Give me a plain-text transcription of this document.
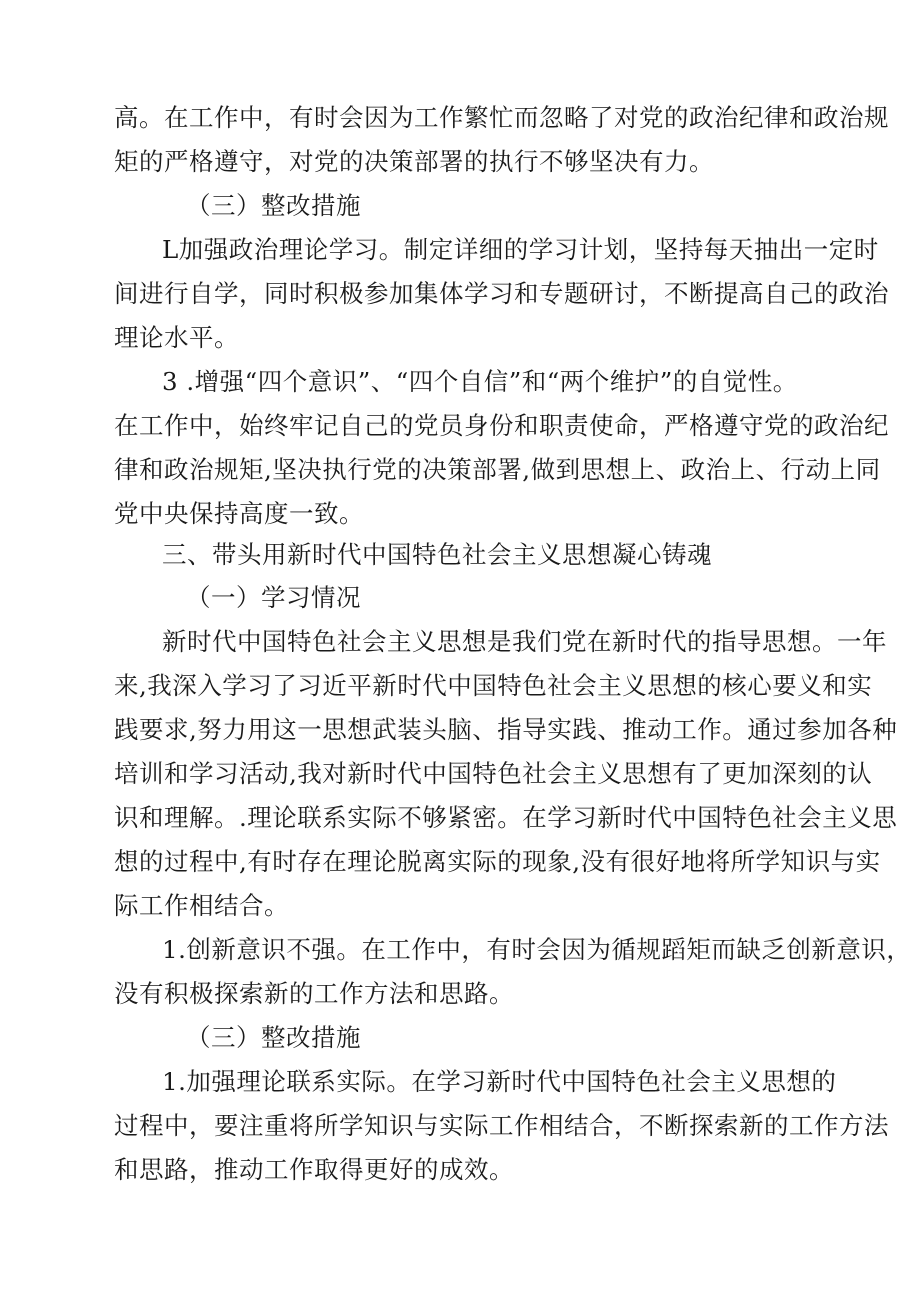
高。在工作中，有时会因为工作繁忙而忽略了对党的政治纪律和政治规
矩的严格遵守，对党的决策部署的执行不够坚决有力。
（三）整改措施
L加强政治理论学习。制定详细的学习计划，坚持每天抽出一定时
间进行自学，同时积极参加集体学习和专题研讨，不断提高自己的政治
理论水平。
3 .增强“四个意识”、“四个自信”和“两个维护”的自觉性。
在工作中，始终牢记自己的党员身份和职责使命，严格遵守党的政治纪
律和政治规矩,坚决执行党的决策部署,做到思想上、政治上、行动上同
党中央保持高度一致。
三、带头用新时代中国特色社会主义思想凝心铸魂
（一）学习情况
新时代中国特色社会主义思想是我们党在新时代的指导思想。一年
来,我深入学习了习近平新时代中国特色社会主义思想的核心要义和实
践要求,努力用这一思想武装头脑、指导实践、推动工作。通过参加各种
培训和学习活动,我对新时代中国特色社会主义思想有了更加深刻的认
识和理解。.理论联系实际不够紧密。在学习新时代中国特色社会主义思
想的过程中,有时存在理论脱离实际的现象,没有很好地将所学知识与实
际工作相结合。
1.创新意识不强。在工作中，有时会因为循规蹈矩而缺乏创新意识，
没有积极探索新的工作方法和思路。
（三）整改措施
1.加强理论联系实际。在学习新时代中国特色社会主义思想的
过程中，要注重将所学知识与实际工作相结合，不断探索新的工作方法
和思路，推动工作取得更好的成效。
